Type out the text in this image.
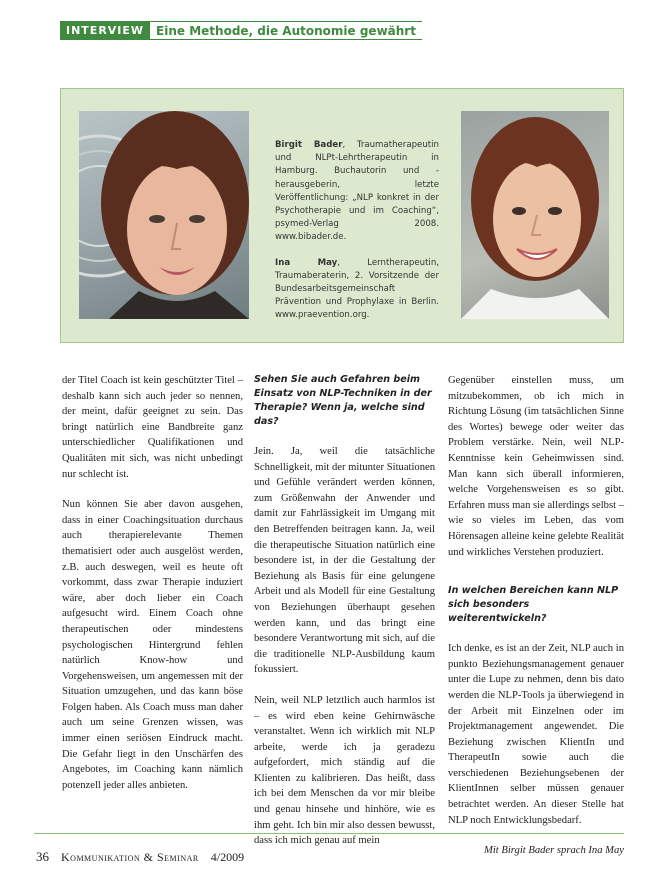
INTERVIEW	Eine Methode, die Autonomie gewährt

Birgit Bader, Traumatherapeutin und NLPt-Lehrtherapeutin in Hamburg. Buchautorin und -herausgeberin, letzte Veröffentlichung: „NLP konkret in der Psychotherapie und im Coaching“, psymed-Verlag 2008. www.bibader.de.

Ina May, Lerntherapeutin, Traumaberaterin, 2. Vorsitzende der Bundesarbeitsgemeinschaft Prävention und Prophylaxe in Berlin. www.praevention.org.

der Titel Coach ist kein geschützter Titel – deshalb kann sich auch jeder so nennen, der meint, dafür geeignet zu sein. Das bringt natürlich eine Bandbreite ganz unterschiedlicher Qualifikationen und Qualitäten mit sich, was nicht unbedingt nur schlecht ist.

Nun können Sie aber davon ausgehen, dass in einer Coachingsituation durchaus auch therapierelevante Themen thematisiert oder auch ausgelöst werden, z.B. auch deswegen, weil es heute oft vorkommt, dass zwar Therapie induziert wäre, aber doch lieber ein Coach aufgesucht wird. Einem Coach ohne therapeutischen oder mindestens psychologischen Hintergrund fehlen natürlich Know-how und Vorgehensweisen, um angemessen mit der Situation umzugehen, und das kann böse Folgen haben. Als Coach muss man daher auch um seine Grenzen wissen, was immer einen seriösen Eindruck macht. Die Gefahr liegt in den Unschärfen des Angebotes, im Coaching kann nämlich potenzell jeder alles anbieten.

Sehen Sie auch Gefahren beim Einsatz von NLP-Techniken in der Therapie? Wenn ja, welche sind das?

Jein. Ja, weil die tatsächliche Schnelligkeit, mit der mitunter Situationen und Gefühle verändert werden können, zum Größenwahn der Anwender und damit zur Fahrlässigkeit im Umgang mit den Betreffenden beitragen kann. Ja, weil die therapeutische Situation natürlich eine besondere ist, in der die Gestaltung der Beziehung als Basis für eine gelungene Arbeit und als Modell für eine Gestaltung von Beziehungen überhaupt gesehen werden kann, und das bringt eine besondere Verantwortung mit sich, auf die die traditionelle NLP-Ausbildung kaum fokussiert.

Nein, weil NLP letztlich auch harmlos ist – es wird eben keine Gehirnwäsche veranstaltet. Wenn ich wirklich mit NLP arbeite, werde ich ja geradezu aufgefordert, mich ständig auf die Klienten zu kalibrieren. Das heißt, dass ich bei dem Menschen da vor mir bleibe und genau hinsehe und hinhöre, wie es ihm geht. Ich bin mir also dessen bewusst, dass ich mich genau auf mein

Gegenüber einstellen muss, um mitzubekommen, ob ich mich in Richtung Lösung (im tatsächlichen Sinne des Wortes) bewege oder weiter das Problem verstärke. Nein, weil NLP-Kenntnisse kein Geheimwissen sind. Man kann sich überall informieren, welche Vorgehensweisen es so gibt. Erfahren muss man sie allerdings selbst – wie so vieles im Leben, das vom Hörensagen alleine keine gelebte Realität und wirkliches Verstehen produziert.

In welchen Bereichen kann NLP sich besonders weiterentwickeln?

Ich denke, es ist an der Zeit, NLP auch in punkto Beziehungsmanagement genauer unter die Lupe zu nehmen, denn bis dato werden die NLP-Tools ja überwiegend in der Arbeit mit Einzelnen oder im Projektmanagement angewendet. Die Beziehung zwischen KlientIn und TherapeutIn sowie auch die verschiedenen Beziehungsebenen der KlientInnen selber müssen genauer betrachtet werden. An dieser Stelle hat NLP noch Entwicklungsbedarf.

Mit Birgit Bader sprach Ina May

36 Kommunikation & Seminar 4/2009
